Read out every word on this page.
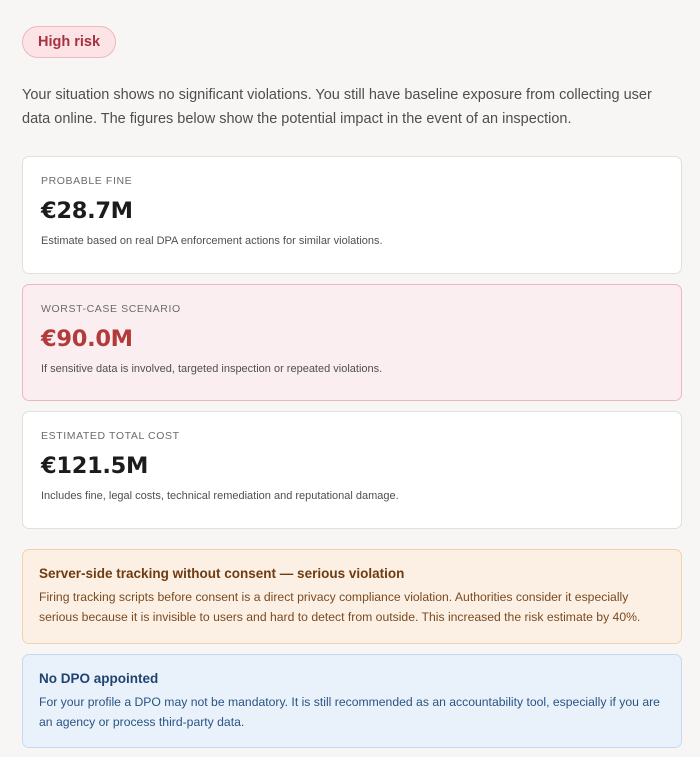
High risk

Your situation shows no significant violations. You still have baseline exposure from collecting user data online. The figures below show the potential impact in the event of an inspection.

PROBABLE FINE
€28.7M
Estimate based on real DPA enforcement actions for similar violations.
WORST-CASE SCENARIO
€90.0M
If sensitive data is involved, targeted inspection or repeated violations.
ESTIMATED TOTAL COST
€121.5M
Includes fine, legal costs, technical remediation and reputational damage.
Server-side tracking without consent — serious violation
Firing tracking scripts before consent is a direct privacy compliance violation. Authorities consider it especially serious because it is invisible to users and hard to detect from outside. This increased the risk estimate by 40%.
No DPO appointed
For your profile a DPO may not be mandatory. It is still recommended as an accountability tool, especially if you are an agency or process third-party data.
